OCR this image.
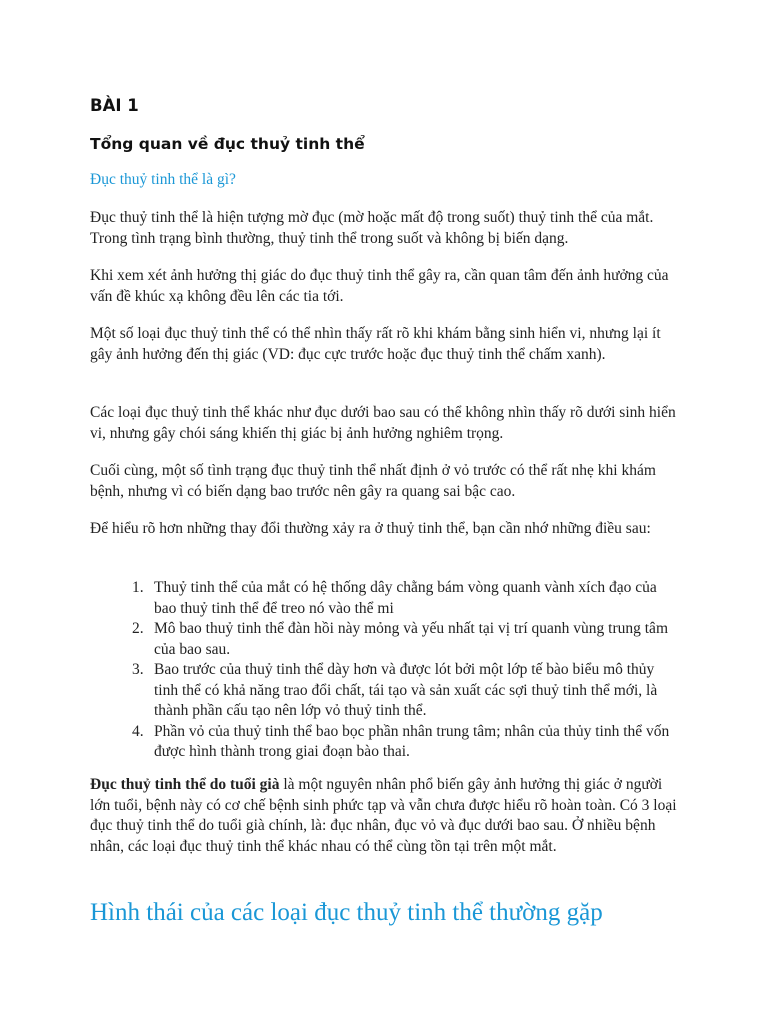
BÀI 1
Tổng quan về đục thuỷ tinh thể
Đục thuỷ tinh thể là gì?

Đục thuỷ tinh thể là hiện tượng mờ đục (mờ hoặc mất độ trong suốt) thuỷ tinh thể của mắt. Trong tình trạng bình thường, thuỷ tinh thể trong suốt và không bị biến dạng.

Khi xem xét ảnh hưởng thị giác do đục thuỷ tinh thể gây ra, cần quan tâm đến ảnh hưởng của vấn đề khúc xạ không đều lên các tia tới.

Một số loại đục thuỷ tinh thể có thể nhìn thấy rất rõ khi khám bằng sinh hiển vi, nhưng lại ít gây ảnh hưởng đến thị giác (VD: đục cực trước hoặc đục thuỷ tinh thể chấm xanh).

Các loại đục thuỷ tinh thể khác như đục dưới bao sau có thể không nhìn thấy rõ dưới sinh hiển vi, nhưng gây chói sáng khiến thị giác bị ảnh hưởng nghiêm trọng.

Cuối cùng, một số tình trạng đục thuỷ tinh thể nhất định ở vỏ trước có thể rất nhẹ khi khám bệnh, nhưng vì có biến dạng bao trước nên gây ra quang sai bậc cao.

Để hiểu rõ hơn những thay đổi thường xảy ra ở thuỷ tinh thể, bạn cần nhớ những điều sau:

1. Thuỷ tinh thể của mắt có hệ thống dây chằng bám vòng quanh vành xích đạo của bao thuỷ tinh thể để treo nó vào thể mi
2. Mô bao thuỷ tinh thể đàn hồi này mỏng và yếu nhất tại vị trí quanh vùng trung tâm của bao sau.
3. Bao trước của thuỷ tinh thể dày hơn và được lót bởi một lớp tế bào biểu mô thủy tinh thể có khả năng trao đổi chất, tái tạo và sản xuất các sợi thuỷ tinh thể mới, là thành phần cấu tạo nên lớp vỏ thuỷ tinh thể.
4. Phần vỏ của thuỷ tinh thể bao bọc phần nhân trung tâm; nhân của thủy tinh thể vốn được hình thành trong giai đoạn bào thai.

Đục thuỷ tinh thể do tuổi già là một nguyên nhân phổ biến gây ảnh hưởng thị giác ở người lớn tuổi, bệnh này có cơ chế bệnh sinh phức tạp và vẫn chưa được hiểu rõ hoàn toàn. Có 3 loại đục thuỷ tinh thể do tuổi già chính, là: đục nhân, đục vỏ và đục dưới bao sau. Ở nhiều bệnh nhân, các loại đục thuỷ tinh thể khác nhau có thể cùng tồn tại trên một mắt.

Hình thái của các loại đục thuỷ tinh thể thường gặp
